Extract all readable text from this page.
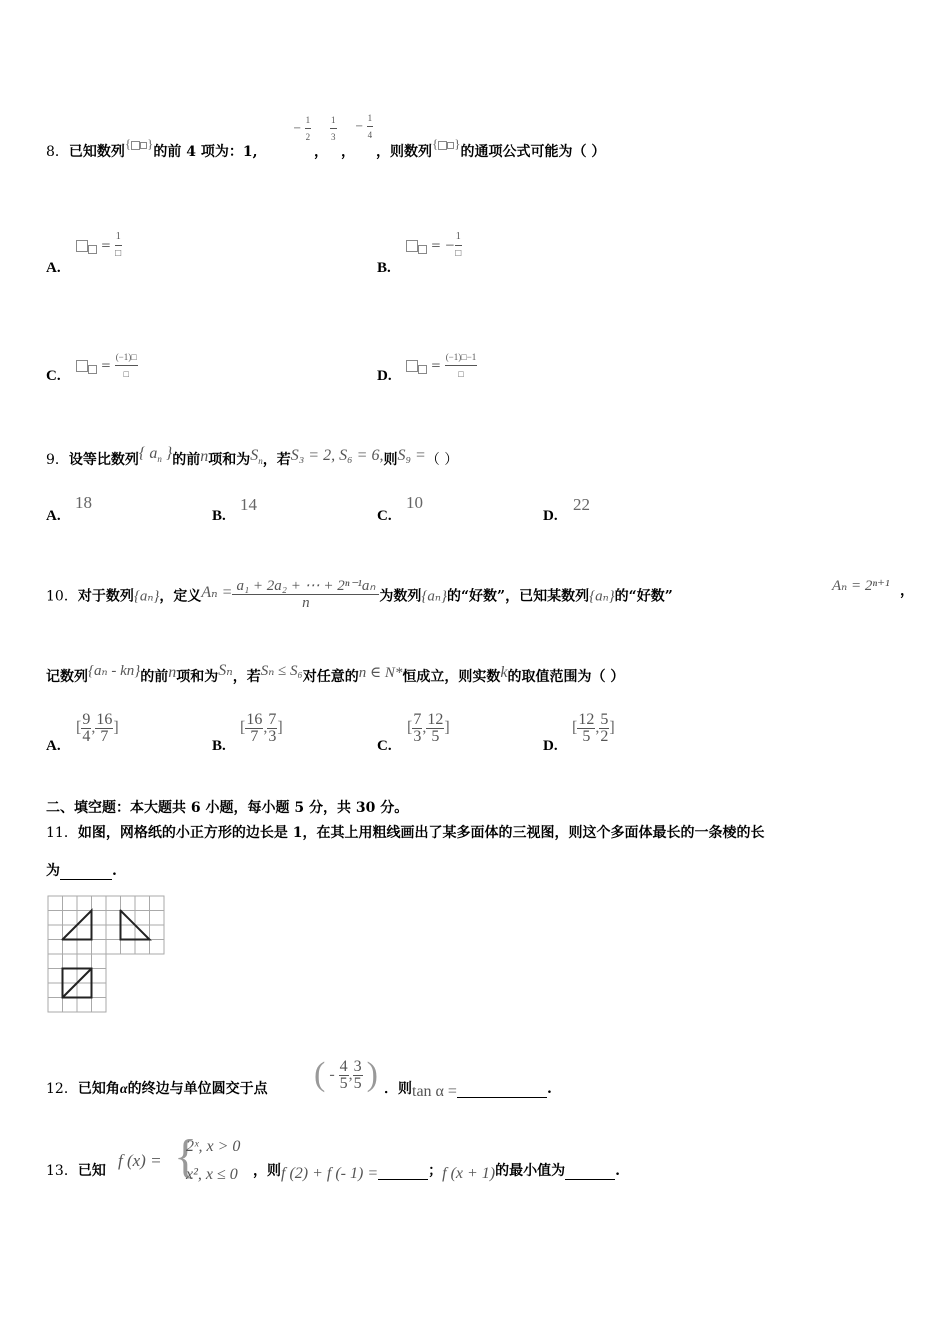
8．已知数列{ }的前 4 项为：1,
− $\frac{1}{2} \frac{1}{3} - \frac{1}{4}$
， ， ，则数列{ }的通项公式可能为（ ）
A.
= $\frac{1}{□}$
B.
= − $\frac{1}{□}$
C.
= $\frac{(-1)□}{□}$	D.
= $\frac{(-1)□-1}{□}$
9．设等比数列{ $a_n$ }的前n项和为$S_n$，若S₃ = 2, S₆ = 6,则S₉ =（ ）
A.
18
B.
14
C.
10
D.
22
10．对于数列{aₙ}，定义$A_n = \frac{\text{a₁ + 2a₂ + ⋯ + 2ⁿ⁻¹aₙ}}{n}$ 为数列{aₙ}的“好数”，已知某数列{aₙ}的“好数”
Aₙ = 2ⁿ⁺¹ ，
记数列{aₙ - kn}的前n项和为Sₙ，若Sₙ ≤ S₆对任意的n ∈ N*恒成立，则实数k的取值范围为（ ）
A.
[ $\frac{9}{4}$ , $\frac{16}{7}$ ]
B.
[ $\frac{16}{7}$ , $\frac{7}{3}$ ]
C.
[ $\frac{7}{3}$ , $\frac{12}{5}$ ]
D.
[ $\frac{12}{5}$ , $\frac{5}{2}$ ]
二、填空题：本大题共 6 小题，每小题 5 分，共 30 分。
11．如图，网格纸的小正方形的边长是 1，在其上用粗线画出了某多面体的三视图，则这个多面体最长的一条棱的长
为	.
12．已知角α的终边与单位圆交于点 ( - $\frac{4}{5}$ , $\frac{3}{5}$ ) ．则tan α =	.
13．已知
f (x) = {
2ˣ, x > 0
x², x ≤ 0 ，则f (2) + f (- 1) =	；f (x + 1)的最小值为	.
